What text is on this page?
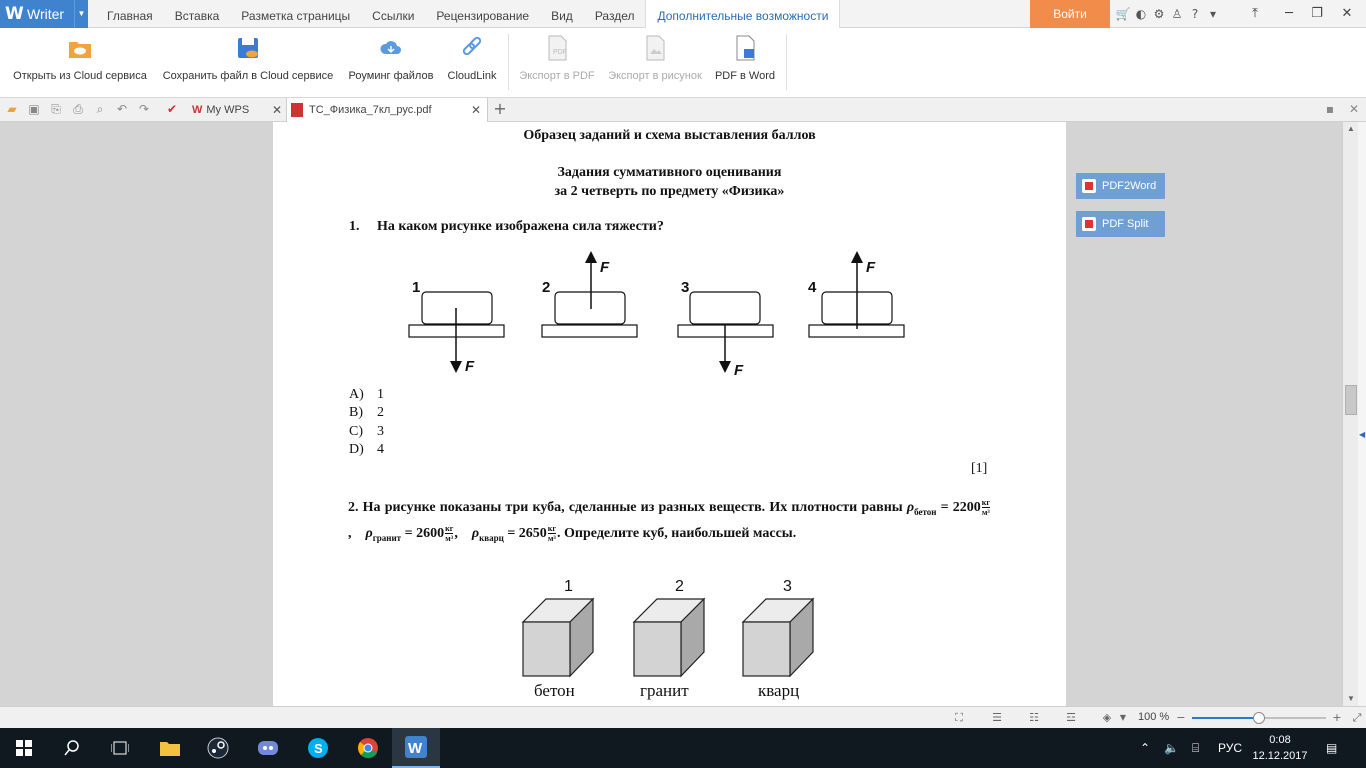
W Writer	▼	Главная	Вставка	Разметка страницы	Ссылки	Рецензирование	Вид	Раздел	Дополнительные возможности	Войти	🛒 ◐ ⚙ ♙ ? ▾	⤒	─	❐	✕
Открыть из Cloud сервиса Сохранить файл в Cloud сервисе Роуминг файлов CloudLink
PDF
Экспорт в PDF	Экспорт в рисунок	PDF в Word
▰ ▣ ⎘ ⎙	⌕	↶ ↷ ✔ W My WPS ✕ ТС_Физика_7кл_рус.pdf	✕ +	▪	✕
Образец заданий и схема выставления баллов
Задания суммативного оценивания
за 2 четверть по предмету «Физика»
1. На каком рисунке изображена сила тяжести?
1
F
2
F
3
F
4
F
A) 1
B) 2
C) 3
D) 4
[1]
2. На рисунке показаны три куба, сделанные из разных веществ. Их плотности равны $\rho_{бетон} = 2200 \frac{кг}{\text{м³}}$,    $\rho_{гранит} = 2600 \frac{кг}{\text{м³}}$,    $\rho_{кварц} = 2650 \frac{кг}{\text{м³}}$. Определите куб, наибольшей массы.
1	2	3
бетон	гранит	кварц
PDF2Word
PDF Split
▲
▼
◀
⛶	☰ ☷ ☲ ◈	▼	100 % −	+ ⤢
S	W	⌃ 🔈 ⌸ РУС
0:08
12.12.2017
▤
